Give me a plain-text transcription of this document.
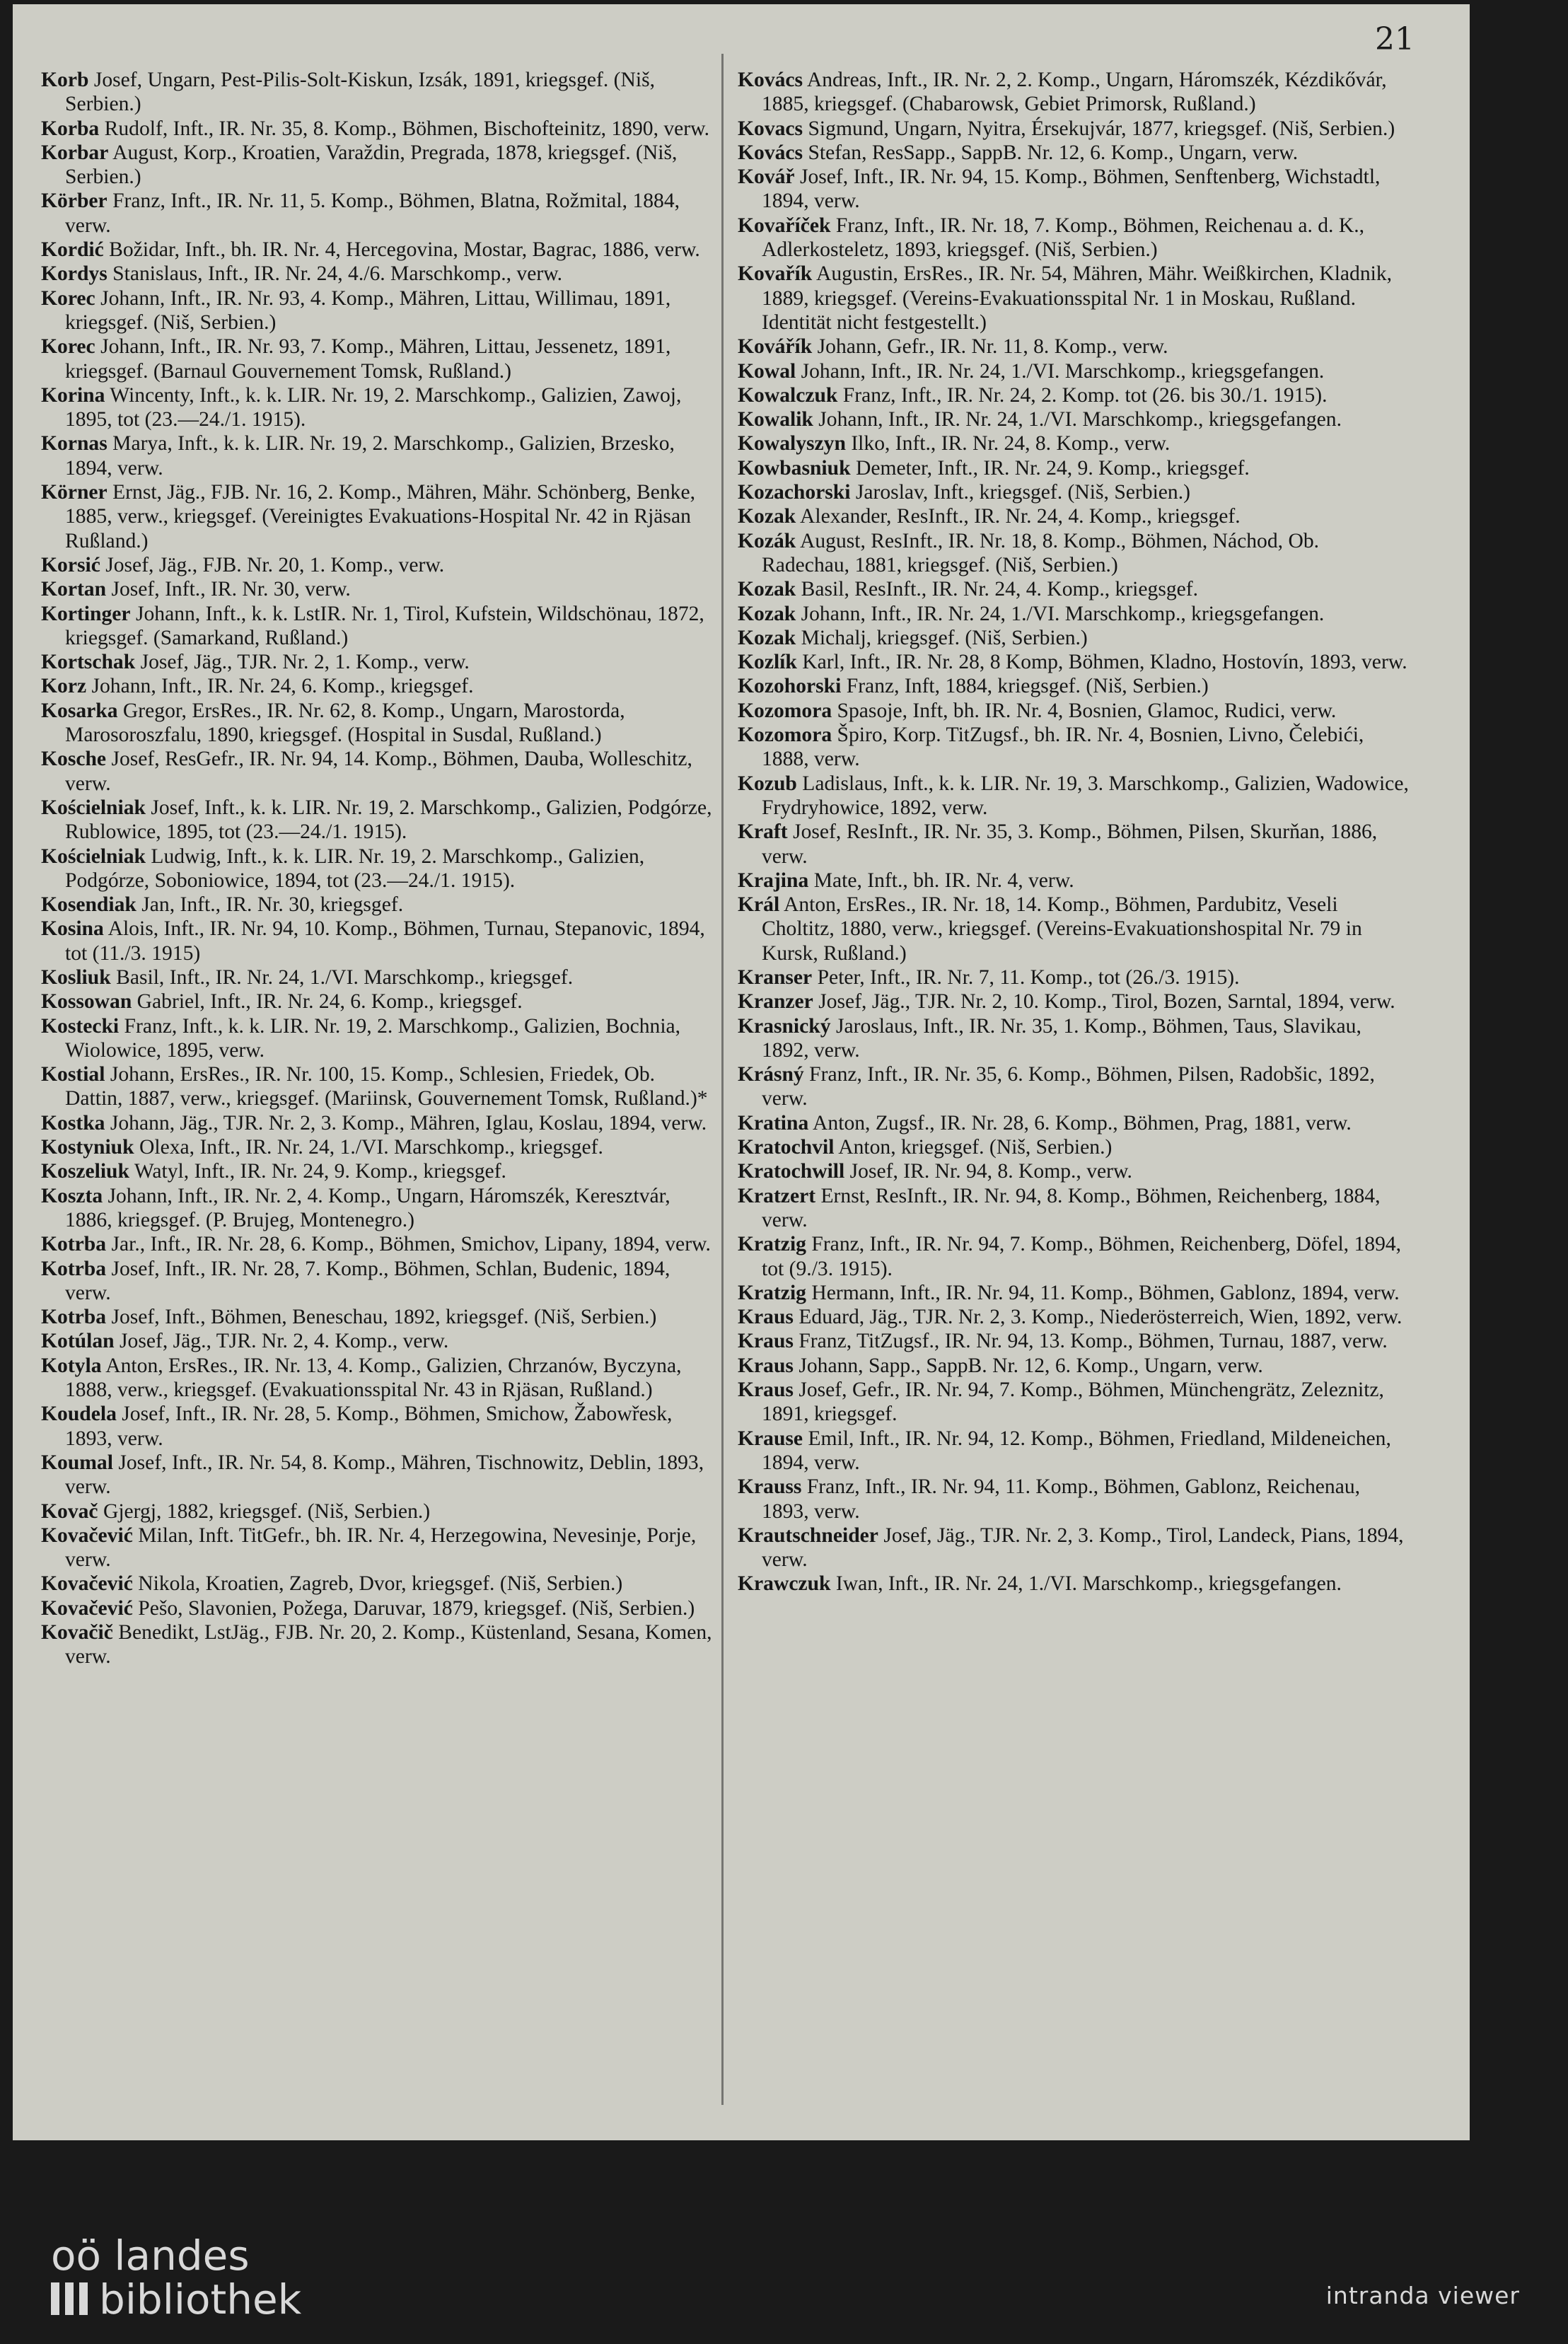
21

Korb Josef, Ungarn, Pest-Pilis-Solt-Kiskun, Izsák, 1891, kriegsgef. (Niš, Serbien.)

Korba Rudolf, Inft., IR. Nr. 35, 8. Komp., Böhmen, Bischofteinitz, 1890, verw.

Korbar August, Korp., Kroatien, Varaždin, Pregrada, 1878, kriegsgef. (Niš, Serbien.)

Körber Franz, Inft., IR. Nr. 11, 5. Komp., Böhmen, Blatna, Rožmital, 1884, verw.

Kordić Božidar, Inft., bh. IR. Nr. 4, Hercegovina, Mostar, Bagrac, 1886, verw.

Kordys Stanislaus, Inft., IR. Nr. 24, 4./6. Marschkomp., verw.

Korec Johann, Inft., IR. Nr. 93, 4. Komp., Mähren, Littau, Willimau, 1891, kriegsgef. (Niš, Serbien.)

Korec Johann, Inft., IR. Nr. 93, 7. Komp., Mähren, Littau, Jessenetz, 1891, kriegsgef. (Barnaul Gouvernement Tomsk, Rußland.)

Korina Wincenty, Inft., k. k. LIR. Nr. 19, 2. Marschkomp., Galizien, Zawoj, 1895, tot (23.—24./1. 1915).

Kornas Marya, Inft., k. k. LIR. Nr. 19, 2. Marschkomp., Galizien, Brzesko, 1894, verw.

Körner Ernst, Jäg., FJB. Nr. 16, 2. Komp., Mähren, Mähr. Schönberg, Benke, 1885, verw., kriegsgef. (Vereinigtes Evakuations-Hospital Nr. 42 in Rjäsan Rußland.)

Korsić Josef, Jäg., FJB. Nr. 20, 1. Komp., verw.

Kortan Josef, Inft., IR. Nr. 30, verw.

Kortinger Johann, Inft., k. k. LstIR. Nr. 1, Tirol, Kufstein, Wildschönau, 1872, kriegsgef. (Samarkand, Rußland.)

Kortschak Josef, Jäg., TJR. Nr. 2, 1. Komp., verw.

Korz Johann, Inft., IR. Nr. 24, 6. Komp., kriegsgef.

Kosarka Gregor, ErsRes., IR. Nr. 62, 8. Komp., Ungarn, Marostorda, Marosoroszfalu, 1890, kriegsgef. (Hospital in Susdal, Rußland.)

Kosche Josef, ResGefr., IR. Nr. 94, 14. Komp., Böhmen, Dauba, Wolleschitz, verw.

Kościelniak Josef, Inft., k. k. LIR. Nr. 19, 2. Marschkomp., Galizien, Podgórze, Rublowice, 1895, tot (23.—24./1. 1915).

Kościelniak Ludwig, Inft., k. k. LIR. Nr. 19, 2. Marschkomp., Galizien, Podgórze, Soboniowice, 1894, tot (23.—24./1. 1915).

Kosendiak Jan, Inft., IR. Nr. 30, kriegsgef.

Kosina Alois, Inft., IR. Nr. 94, 10. Komp., Böhmen, Turnau, Stepanovic, 1894, tot (11./3. 1915)

Kosliuk Basil, Inft., IR. Nr. 24, 1./VI. Marschkomp., kriegsgef.

Kossowan Gabriel, Inft., IR. Nr. 24, 6. Komp., kriegsgef.

Kostecki Franz, Inft., k. k. LIR. Nr. 19, 2. Marschkomp., Galizien, Bochnia, Wiolowice, 1895, verw.

Kostial Johann, ErsRes., IR. Nr. 100, 15. Komp., Schlesien, Friedek, Ob. Dattin, 1887, verw., kriegsgef. (Mariinsk, Gouvernement Tomsk, Rußland.)*

Kostka Johann, Jäg., TJR. Nr. 2, 3. Komp., Mähren, Iglau, Koslau, 1894, verw.

Kostyniuk Olexa, Inft., IR. Nr. 24, 1./VI. Marschkomp., kriegsgef.

Koszeliuk Watyl, Inft., IR. Nr. 24, 9. Komp., kriegsgef.

Koszta Johann, Inft., IR. Nr. 2, 4. Komp., Ungarn, Háromszék, Keresztvár, 1886, kriegsgef. (P. Brujeg, Montenegro.)

Kotrba Jar., Inft., IR. Nr. 28, 6. Komp., Böhmen, Smichov, Lipany, 1894, verw.

Kotrba Josef, Inft., IR. Nr. 28, 7. Komp., Böhmen, Schlan, Budenic, 1894, verw.

Kotrba Josef, Inft., Böhmen, Beneschau, 1892, kriegsgef. (Niš, Serbien.)

Kotúlan Josef, Jäg., TJR. Nr. 2, 4. Komp., verw.

Kotyla Anton, ErsRes., IR. Nr. 13, 4. Komp., Galizien, Chrzanów, Byczyna, 1888, verw., kriegsgef. (Evakuationsspital Nr. 43 in Rjäsan, Rußland.)

Koudela Josef, Inft., IR. Nr. 28, 5. Komp., Böhmen, Smichow, Žabowřesk, 1893, verw.

Koumal Josef, Inft., IR. Nr. 54, 8. Komp., Mähren, Tischnowitz, Deblin, 1893, verw.

Kovač Gjergj, 1882, kriegsgef. (Niš, Serbien.)

Kovačević Milan, Inft. TitGefr., bh. IR. Nr. 4, Herzegowina, Nevesinje, Porje, verw.

Kovačević Nikola, Kroatien, Zagreb, Dvor, kriegsgef. (Niš, Serbien.)

Kovačević Pešo, Slavonien, Požega, Daruvar, 1879, kriegsgef. (Niš, Serbien.)

Kovačič Benedikt, LstJäg., FJB. Nr. 20, 2. Komp., Küstenland, Sesana, Komen, verw.

Kovács Andreas, Inft., IR. Nr. 2, 2. Komp., Ungarn, Háromszék, Kézdikővár, 1885, kriegsgef. (Chabarowsk, Gebiet Primorsk, Rußland.)

Kovacs Sigmund, Ungarn, Nyitra, Érsekujvár, 1877, kriegsgef. (Niš, Serbien.)

Kovács Stefan, ResSapp., SappB. Nr. 12, 6. Komp., Ungarn, verw.

Kovář Josef, Inft., IR. Nr. 94, 15. Komp., Böhmen, Senftenberg, Wichstadtl, 1894, verw.

Kovaříček Franz, Inft., IR. Nr. 18, 7. Komp., Böhmen, Reichenau a. d. K., Adlerkosteletz, 1893, kriegsgef. (Niš, Serbien.)

Kovařík Augustin, ErsRes., IR. Nr. 54, Mähren, Mähr. Weißkirchen, Kladnik, 1889, kriegsgef. (Vereins-Evakuationsspital Nr. 1 in Moskau, Rußland. Identität nicht festgestellt.)

Kovářík Johann, Gefr., IR. Nr. 11, 8. Komp., verw.

Kowal Johann, Inft., IR. Nr. 24, 1./VI. Marschkomp., kriegsgefangen.

Kowalczuk Franz, Inft., IR. Nr. 24, 2. Komp. tot (26. bis 30./1. 1915).

Kowalik Johann, Inft., IR. Nr. 24, 1./VI. Marschkomp., kriegsgefangen.

Kowalyszyn Ilko, Inft., IR. Nr. 24, 8. Komp., verw.

Kowbasniuk Demeter, Inft., IR. Nr. 24, 9. Komp., kriegsgef.

Kozachorski Jaroslav, Inft., kriegsgef. (Niš, Serbien.)

Kozak Alexander, ResInft., IR. Nr. 24, 4. Komp., kriegsgef.

Kozák August, ResInft., IR. Nr. 18, 8. Komp., Böhmen, Náchod, Ob. Radechau, 1881, kriegsgef. (Niš, Serbien.)

Kozak Basil, ResInft., IR. Nr. 24, 4. Komp., kriegsgef.

Kozak Johann, Inft., IR. Nr. 24, 1./VI. Marschkomp., kriegsgefangen.

Kozak Michalj, kriegsgef. (Niš, Serbien.)

Kozlík Karl, Inft., IR. Nr. 28, 8 Komp, Böhmen, Kladno, Hostovín, 1893, verw.

Kozohorski Franz, Inft, 1884, kriegsgef. (Niš, Serbien.)

Kozomora Spasoje, Inft, bh. IR. Nr. 4, Bosnien, Glamoc, Rudici, verw.

Kozomora Špiro, Korp. TitZugsf., bh. IR. Nr. 4, Bosnien, Livno, Čelebići, 1888, verw.

Kozub Ladislaus, Inft., k. k. LIR. Nr. 19, 3. Marschkomp., Galizien, Wadowice, Frydryhowice, 1892, verw.

Kraft Josef, ResInft., IR. Nr. 35, 3. Komp., Böhmen, Pilsen, Skurňan, 1886, verw.

Krajina Mate, Inft., bh. IR. Nr. 4, verw.

Král Anton, ErsRes., IR. Nr. 18, 14. Komp., Böhmen, Pardubitz, Veseli Choltitz, 1880, verw., kriegsgef. (Vereins-Evakuationshospital Nr. 79 in Kursk, Rußland.)

Kranser Peter, Inft., IR. Nr. 7, 11. Komp., tot (26./3. 1915).

Kranzer Josef, Jäg., TJR. Nr. 2, 10. Komp., Tirol, Bozen, Sarntal, 1894, verw.

Krasnický Jaroslaus, Inft., IR. Nr. 35, 1. Komp., Böhmen, Taus, Slavikau, 1892, verw.

Krásný Franz, Inft., IR. Nr. 35, 6. Komp., Böhmen, Pilsen, Radobšic, 1892, verw.

Kratina Anton, Zugsf., IR. Nr. 28, 6. Komp., Böhmen, Prag, 1881, verw.

Kratochvil Anton, kriegsgef. (Niš, Serbien.)

Kratochwill Josef, IR. Nr. 94, 8. Komp., verw.

Kratzert Ernst, ResInft., IR. Nr. 94, 8. Komp., Böhmen, Reichenberg, 1884, verw.

Kratzig Franz, Inft., IR. Nr. 94, 7. Komp., Böhmen, Reichenberg, Döfel, 1894, tot (9./3. 1915).

Kratzig Hermann, Inft., IR. Nr. 94, 11. Komp., Böhmen, Gablonz, 1894, verw.

Kraus Eduard, Jäg., TJR. Nr. 2, 3. Komp., Niederösterreich, Wien, 1892, verw.

Kraus Franz, TitZugsf., IR. Nr. 94, 13. Komp., Böhmen, Turnau, 1887, verw.

Kraus Johann, Sapp., SappB. Nr. 12, 6. Komp., Ungarn, verw.

Kraus Josef, Gefr., IR. Nr. 94, 7. Komp., Böhmen, Münchengrätz, Zeleznitz, 1891, kriegsgef.

Krause Emil, Inft., IR. Nr. 94, 12. Komp., Böhmen, Friedland, Mildeneichen, 1894, verw.

Krauss Franz, Inft., IR. Nr. 94, 11. Komp., Böhmen, Gablonz, Reichenau, 1893, verw.

Krautschneider Josef, Jäg., TJR. Nr. 2, 3. Komp., Tirol, Landeck, Pians, 1894, verw.

Krawczuk Iwan, Inft., IR. Nr. 24, 1./VI. Marschkomp., kriegsgefangen.

oö landes
bibliothek	intranda viewer
